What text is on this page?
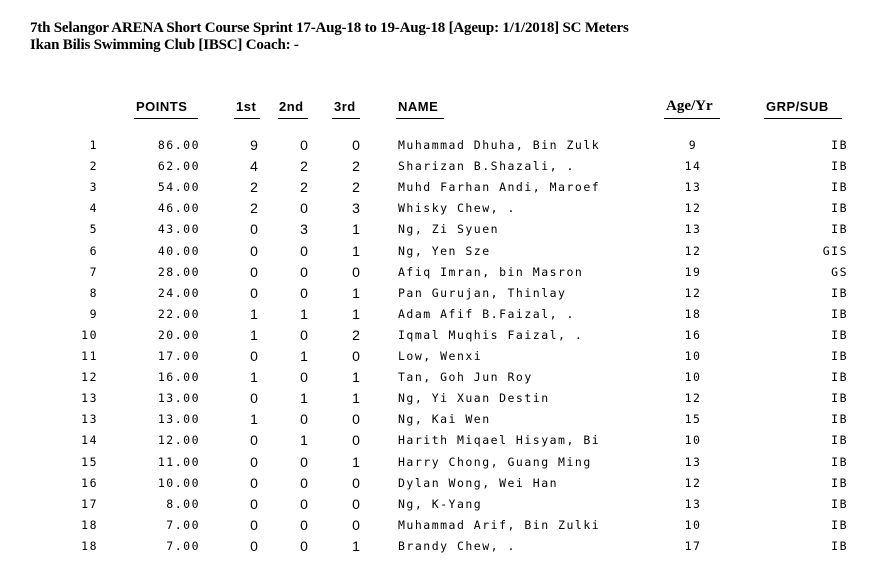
7th Selangor ARENA Short Course Sprint 17-Aug-18 to 19-Aug-18 [Ageup: 1/1/2018] SC Meters
Ikan Bilis Swimming Club [IBSC] Coach: -
POINTS	1st 2nd 3rd	NAME	Age/Yr	GRP/SUB
1	86.00	9	0	0	Muhammad Dhuha, Bin Zulk	9	IB
2	62.00	4	2	2	Sharizan B.Shazali, .	14	IB
3	54.00	2	2	2	Muhd Farhan Andi, Maroef	13	IB
4	46.00	2	0	3	Whisky Chew, .	12	IB
5	43.00	0	3	1	Ng, Zi Syuen	13	IB
6	40.00	0	0	1	Ng, Yen Sze	12	GIS
7	28.00	0	0	0	Afiq Imran, bin Masron	19	GS
8	24.00	0	0	1	Pan Gurujan, Thinlay	12	IB
9	22.00	1	1	1	Adam Afif B.Faizal, .	18	IB
10	20.00	1	0	2	Iqmal Muqhis Faizal, .	16	IB
11	17.00	0	1	0	Low, Wenxi	10	IB
12	16.00	1	0	1	Tan, Goh Jun Roy	10	IB
13	13.00	0	1	1	Ng, Yi Xuan Destin	12	IB
13	13.00	1	0	0	Ng, Kai Wen	15	IB
14	12.00	0	1	0	Harith Miqael Hisyam, Bi	10	IB
15	11.00	0	0	1	Harry Chong, Guang Ming	13	IB
16	10.00	0	0	0	Dylan Wong, Wei Han	12	IB
17	8.00	0	0	0	Ng, K-Yang	13	IB
18	7.00	0	0	0	Muhammad Arif, Bin Zulki	10	IB
18	7.00	0	0	1	Brandy Chew, .	17	IB
